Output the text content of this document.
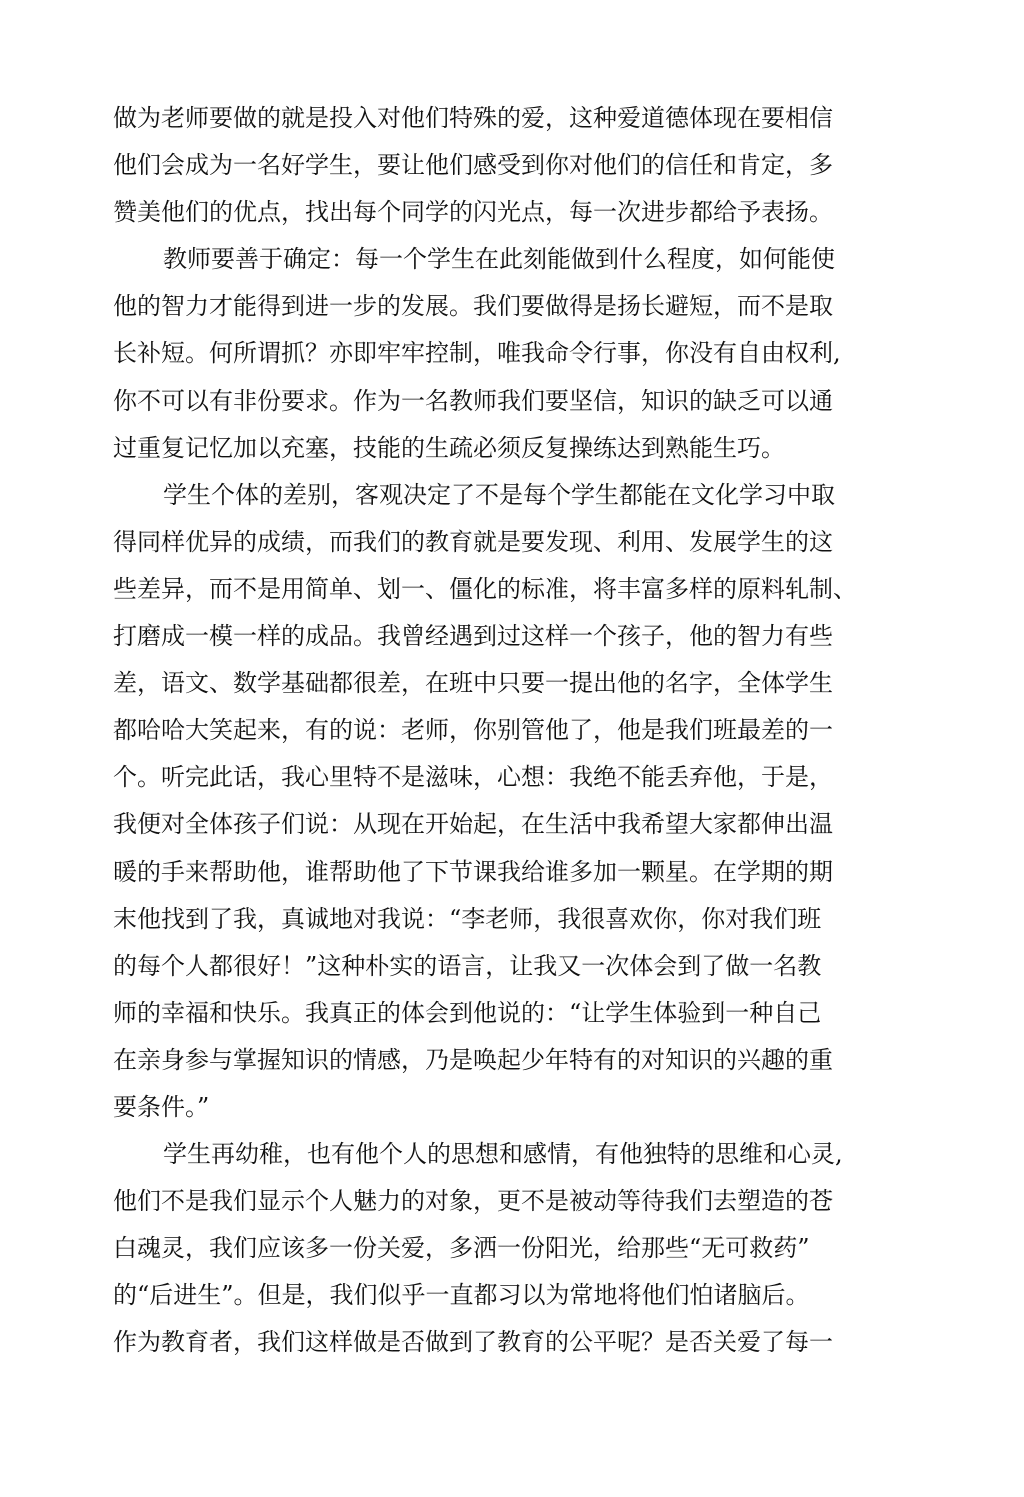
做为老师要做的就是投入对他们特殊的爱，这种爱道德体现在要相信
他们会成为一名好学生，要让他们感受到你对他们的信任和肯定，多
赞美他们的优点，找出每个同学的闪光点，每一次进步都给予表扬。
教师要善于确定：每一个学生在此刻能做到什么程度，如何能使
他的智力才能得到进一步的发展。我们要做得是扬长避短，而不是取
长补短。何所谓抓？亦即牢牢控制，唯我命令行事，你没有自由权利,
你不可以有非份要求。作为一名教师我们要坚信，知识的缺乏可以通
过重复记忆加以充塞，技能的生疏必须反复操练达到熟能生巧。
学生个体的差别，客观决定了不是每个学生都能在文化学习中取
得同样优异的成绩，而我们的教育就是要发现、利用、发展学生的这
些差异，而不是用简单、划一、僵化的标准，将丰富多样的原料轧制、
打磨成一模一样的成品。我曾经遇到过这样一个孩子，他的智力有些
差，语文、数学基础都很差，在班中只要一提出他的名字，全体学生
都哈哈大笑起来，有的说：老师，你别管他了，他是我们班最差的一
个。听完此话，我心里特不是滋味，心想：我绝不能丢弃他，于是，
我便对全体孩子们说：从现在开始起，在生活中我希望大家都伸出温
暖的手来帮助他，谁帮助他了下节课我给谁多加一颗星。在学期的期
末他找到了我，真诚地对我说：“李老师，我很喜欢你，你对我们班
的每个人都很好！”这种朴实的语言，让我又一次体会到了做一名教
师的幸福和快乐。我真正的体会到他说的：“让学生体验到一种自己
在亲身参与掌握知识的情感，乃是唤起少年特有的对知识的兴趣的重
要条件。”
学生再幼稚，也有他个人的思想和感情，有他独特的思维和心灵,
他们不是我们显示个人魅力的对象，更不是被动等待我们去塑造的苍
白魂灵，我们应该多一份关爱，多洒一份阳光，给那些“无可救药”
的“后进生”。但是，我们似乎一直都习以为常地将他们怕诸脑后。
作为教育者，我们这样做是否做到了教育的公平呢？是否关爱了每一
